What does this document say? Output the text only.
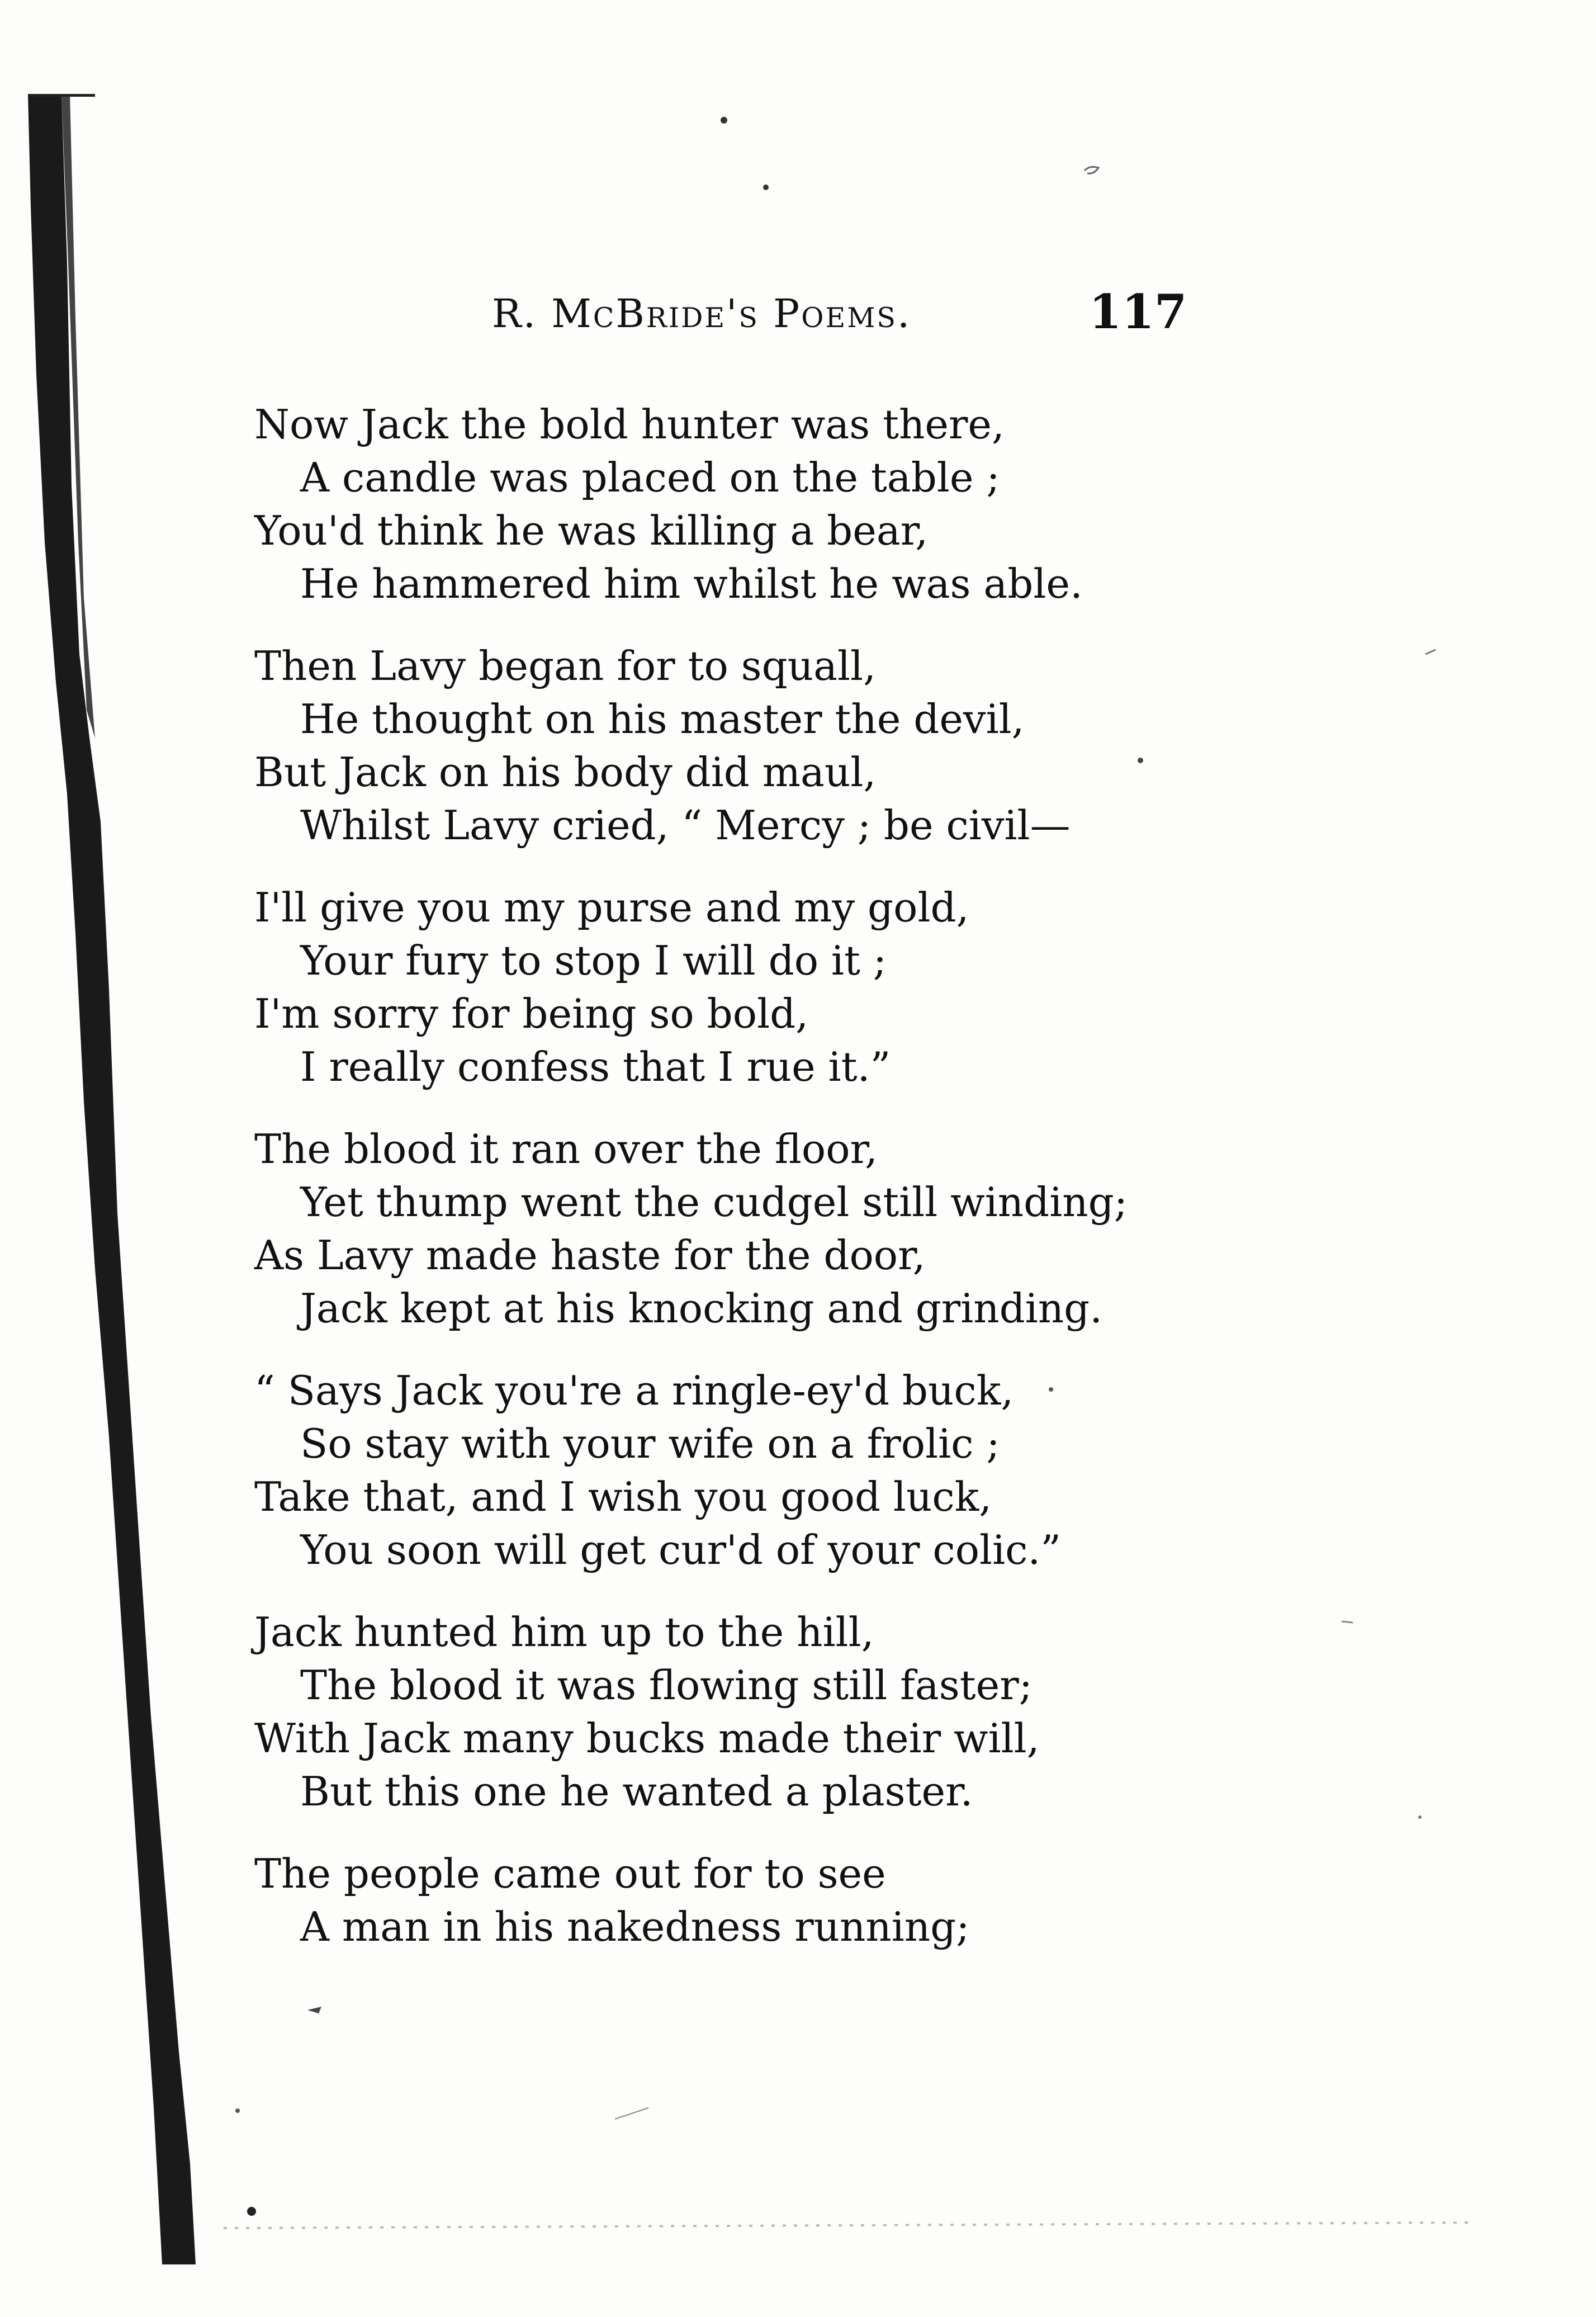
R. McBride's Poems.	117
Now Jack the bold hunter was there,
A candle was placed on the table ;
You'd think he was killing a bear,
He hammered him whilst he was able.
Then Lavy began for to squall,
He thought on his master the devil,
But Jack on his body did maul,
Whilst Lavy cried, “ Mercy ; be civil—
I'll give you my purse and my gold,
Your fury to stop I will do it ;
I'm sorry for being so bold,
I really confess that I rue it.”
The blood it ran over the floor,
Yet thump went the cudgel still winding;
As Lavy made haste for the door,
Jack kept at his knocking and grinding.
“ Says Jack you're a ringle-ey'd buck,
So stay with your wife on a frolic ;
Take that, and I wish you good luck,
You soon will get cur'd of your colic.”
Jack hunted him up to the hill,
The blood it was flowing still faster;
With Jack many bucks made their will,
But this one he wanted a plaster.
The people came out for to see
A man in his nakedness running;
